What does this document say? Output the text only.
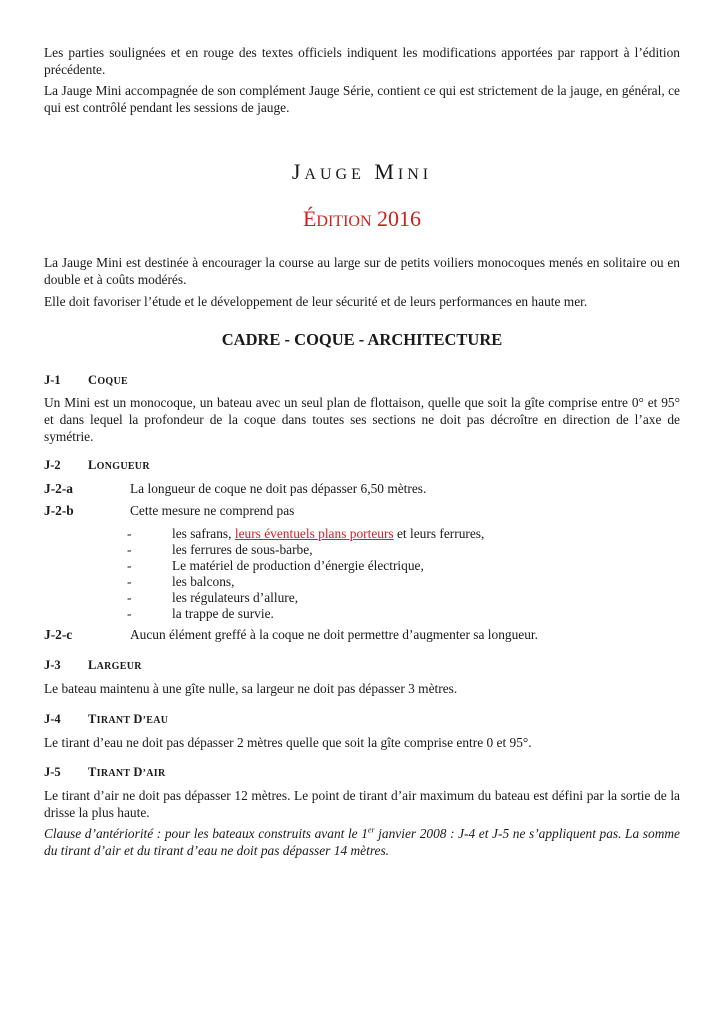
Les parties soulignées et en rouge des textes officiels indiquent les modifications apportées par rapport à l’édition précédente.
La Jauge Mini accompagnée de son complément Jauge Série, contient ce qui est strictement de la jauge, en général, ce qui est contrôlé pendant les sessions de jauge.
JAUGE MINI
ÉDITION 2016
La Jauge Mini est destinée à encourager la course au large sur de petits voiliers monocoques menés en solitaire ou en double et à coûts modérés.
Elle doit favoriser l’étude et le développement de leur sécurité et de leurs performances en haute mer.
CADRE - COQUE - ARCHITECTURE
J-1 COQUE
Un Mini est un monocoque, un bateau avec un seul plan de flottaison, quelle que soit la gîte comprise entre 0° et 95° et dans lequel la profondeur de la coque dans toutes ses sections ne doit pas décroître en direction de l’axe de symétrie.
J-2 LONGUEUR
J-2-a	La longueur de coque ne doit pas dépasser 6,50 mètres.
J-2-b	Cette mesure ne comprend pas
-	les safrans, leurs éventuels plans porteurs et leurs ferrures,
-	les ferrures de sous-barbe,
-	Le matériel de production d’énergie électrique,
-	les balcons,
-	les régulateurs d’allure,
-	la trappe de survie.
J-2-c	Aucun élément greffé à la coque ne doit permettre d’augmenter sa longueur.
J-3 LARGEUR
Le bateau maintenu à une gîte nulle, sa largeur ne doit pas dépasser 3 mètres.
J-4 TIRANT D’EAU
Le tirant d’eau ne doit pas dépasser 2 mètres quelle que soit la gîte comprise entre 0 et 95°.
J-5 TIRANT D’AIR
Le tirant d’air ne doit pas dépasser 12 mètres. Le point de tirant d’air maximum du bateau est défini par la sortie de la drisse la plus haute.
Clause d’antériorité : pour les bateaux construits avant le 1er janvier 2008 : J-4 et J-5 ne s’appliquent pas. La somme du tirant d’air et du tirant d’eau ne doit pas dépasser 14 mètres.
